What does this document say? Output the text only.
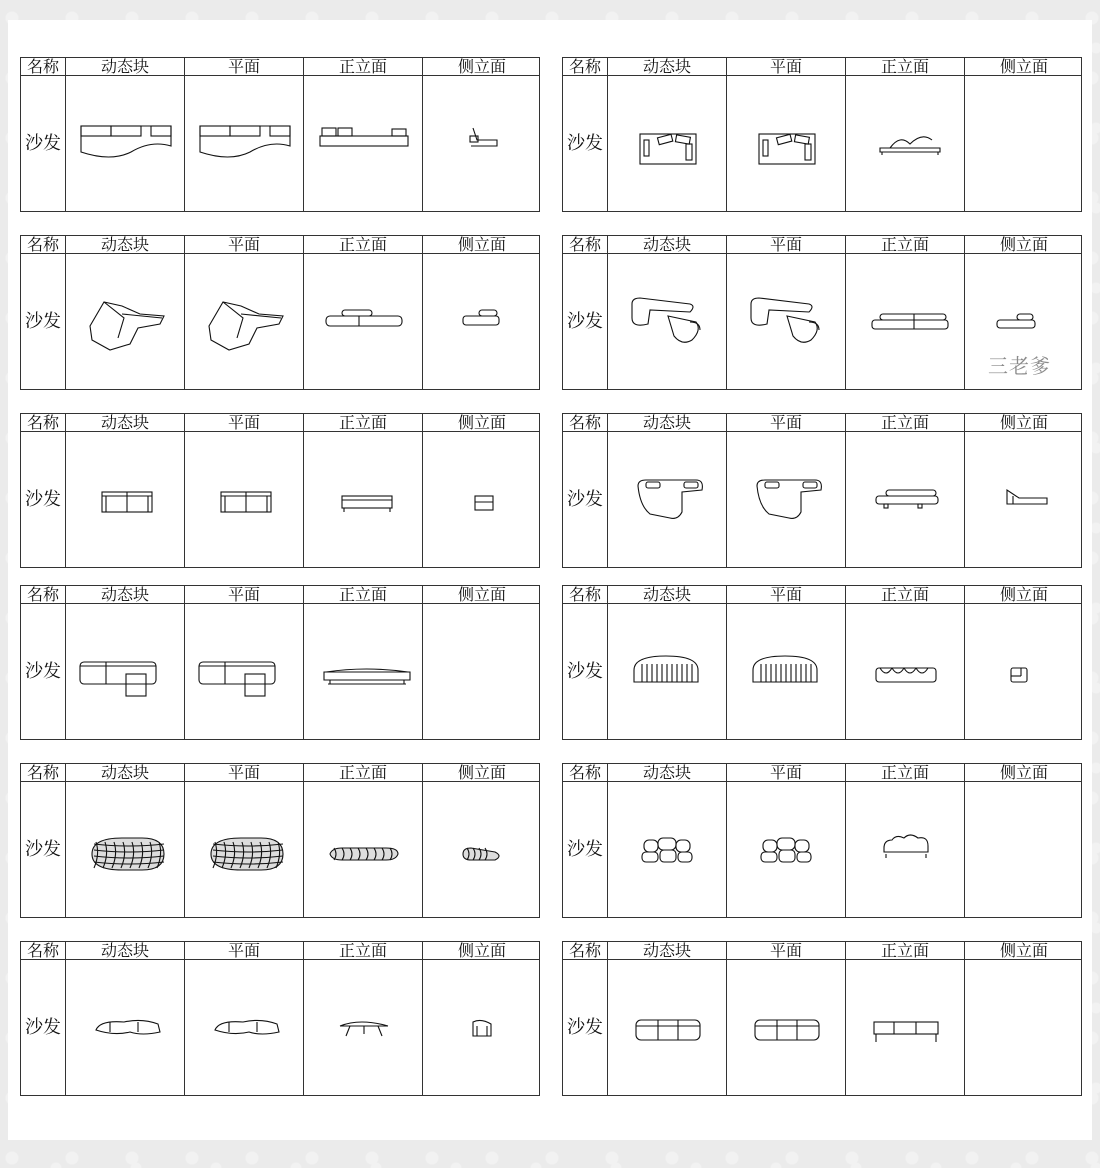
三老爹
名称	动态块	平面	正立面	侧立面
沙发
名称	动态块	平面	正立面	侧立面
沙发
名称	动态块	平面	正立面	侧立面
沙发
名称	动态块	平面	正立面	侧立面
沙发
名称	动态块	平面	正立面	侧立面
沙发
名称	动态块	平面	正立面	侧立面
沙发
名称	动态块	平面	正立面	侧立面
沙发
名称	动态块	平面	正立面	侧立面
沙发
名称	动态块	平面	正立面	侧立面
沙发
名称	动态块	平面	正立面	侧立面
沙发
名称	动态块	平面	正立面	侧立面
沙发
名称	动态块	平面	正立面	侧立面
沙发
